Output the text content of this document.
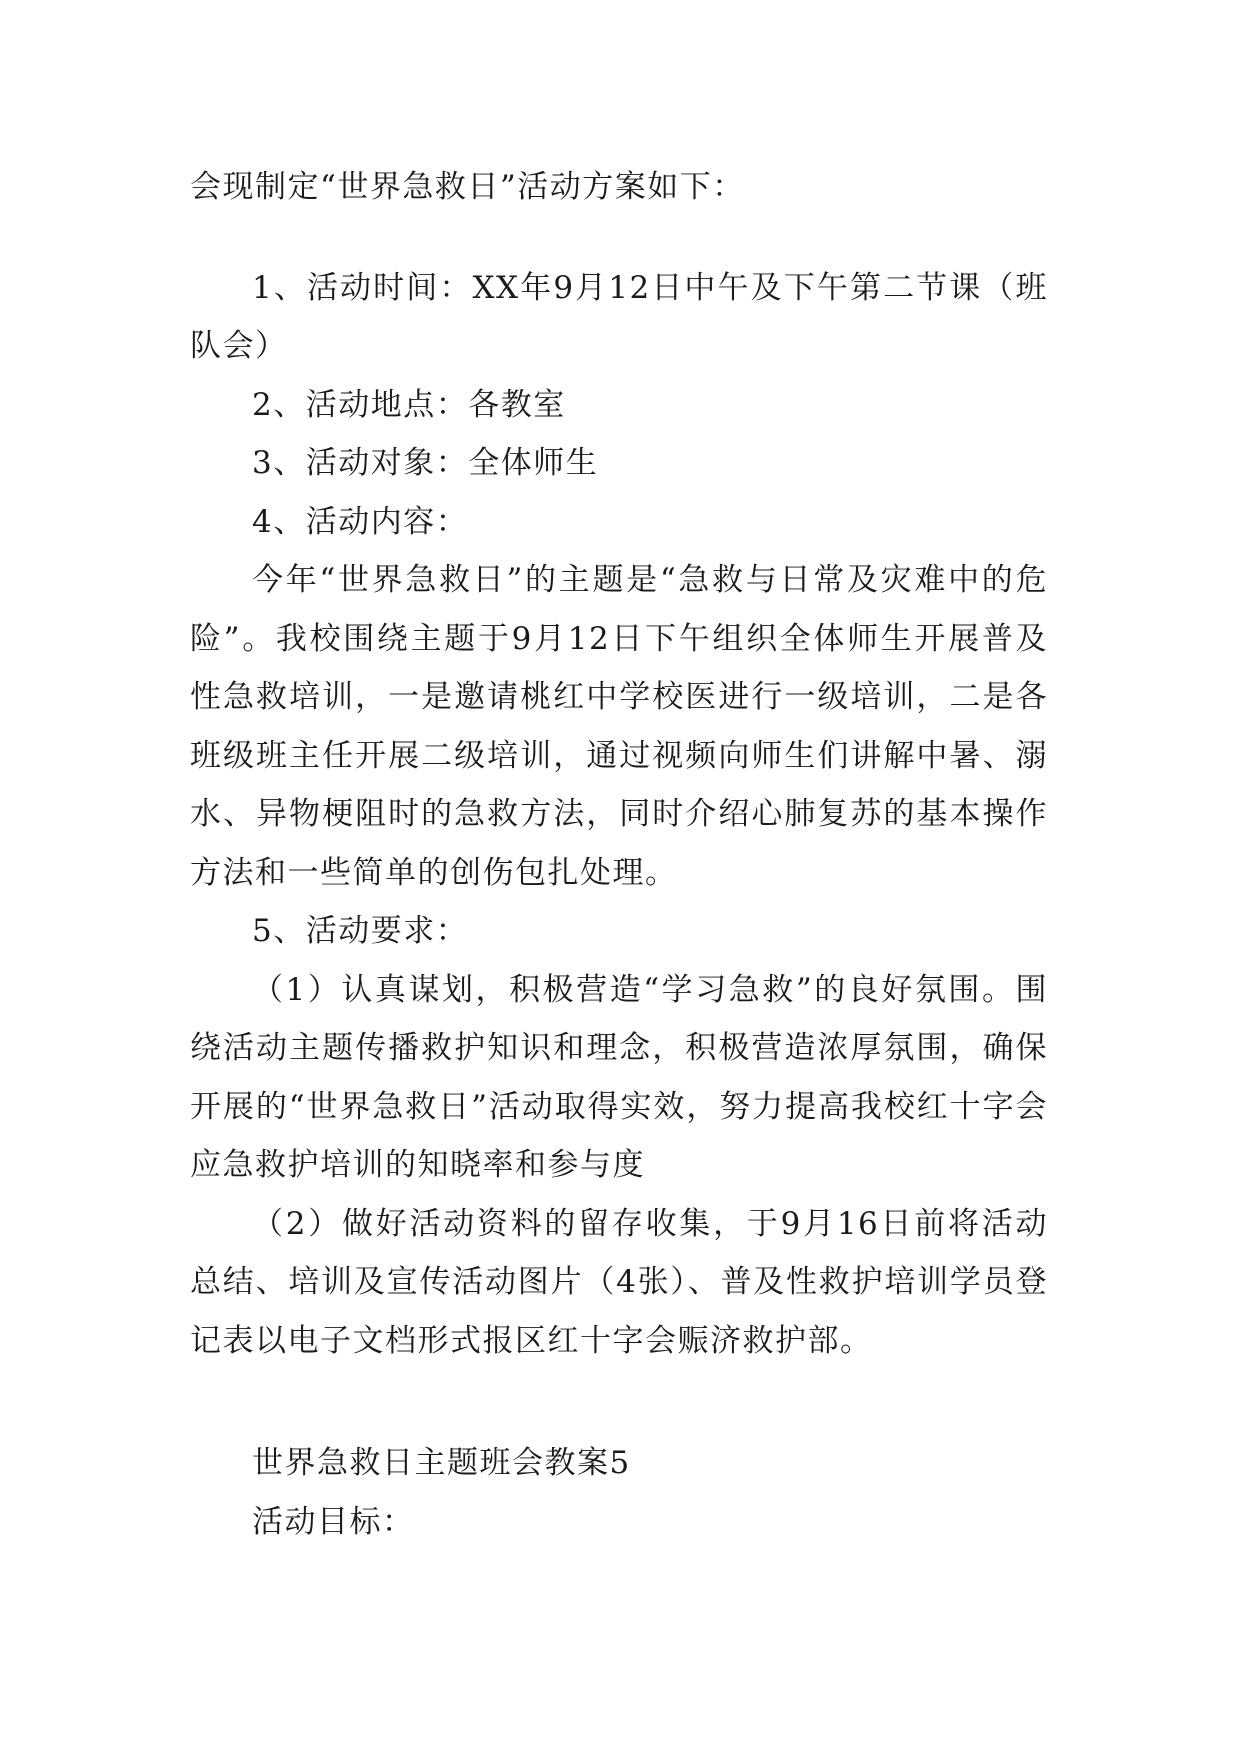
会现制定“世界急救日”活动方案如下：

1、活动时间：XX年9月12日中午及下午第二节课（班队会）

2、活动地点：各教室

3、活动对象：全体师生

4、活动内容：

今年“世界急救日”的主题是“急救与日常及灾难中的危险”。我校围绕主题于9月12日下午组织全体师生开展普及性急救培训，一是邀请桃红中学校医进行一级培训，二是各班级班主任开展二级培训，通过视频向师生们讲解中暑、溺水、异物梗阻时的急救方法，同时介绍心肺复苏的基本操作方法和一些简单的创伤包扎处理。

5、活动要求：

（1）认真谋划，积极营造“学习急救”的良好氛围。围绕活动主题传播救护知识和理念，积极营造浓厚氛围，确保开展的“世界急救日”活动取得实效，努力提高我校红十字会应急救护培训的知晓率和参与度

（2）做好活动资料的留存收集，于9月16日前将活动总结、培训及宣传活动图片（4张）、普及性救护培训学员登记表以电子文档形式报区红十字会赈济救护部。

世界急救日主题班会教案5

活动目标：
